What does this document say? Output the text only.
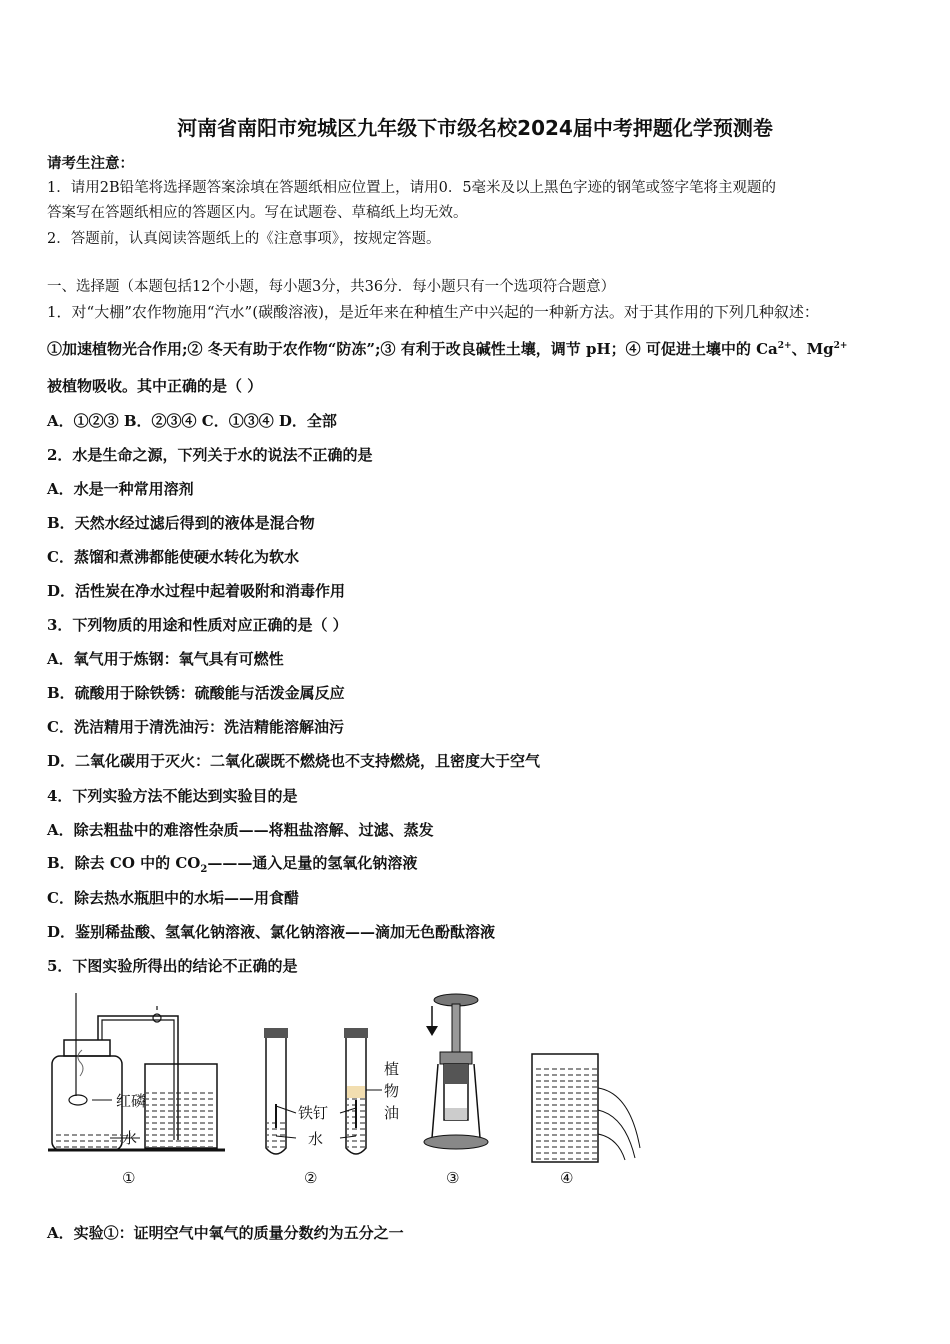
河南省南阳市宛城区九年级下市级名校2024届中考押题化学预测卷
请考生注意：
1．请用2B铅笔将选择题答案涂填在答题纸相应位置上，请用0．5毫米及以上黑色字迹的钢笔或签字笔将主观题的
答案写在答题纸相应的答题区内。写在试题卷、草稿纸上均无效。
2．答题前，认真阅读答题纸上的《注意事项》，按规定答题。
一、选择题（本题包括12个小题，每小题3分，共36分．每小题只有一个选项符合题意）
1．对“大棚”农作物施用“汽水”(碳酸溶液)，是近年来在种植生产中兴起的一种新方法。对于其作用的下列几种叙述：
①加速植物光合作用;② 冬天有助于农作物“防冻”;③ 有利于改良碱性土壤，调节 pH；④ 可促进土壤中的 $Ca^{2+}$、$Mg^{2+}$
被植物吸收。其中正确的是（ ）
A．①②③ B．②③④ C．①③④ D．全部
2．水是生命之源，下列关于水的说法不正确的是
A．水是一种常用溶剂
B．天然水经过滤后得到的液体是混合物
C．蒸馏和煮沸都能使硬水转化为软水
D．活性炭在净水过程中起着吸附和消毒作用
3．下列物质的用途和性质对应正确的是（ ）
A．氧气用于炼钢：氧气具有可燃性
B．硫酸用于除铁锈：硫酸能与活泼金属反应
C．洗洁精用于清洗油污：洗洁精能溶解油污
D．二氧化碳用于灭火：二氧化碳既不燃烧也不支持燃烧，且密度大于空气
4．下列实验方法不能达到实验目的是
A．除去粗盐中的难溶性杂质——将粗盐溶解、过滤、蒸发
B．除去 CO 中的 $CO_2———$通入足量的氢氧化钠溶液
C．除去热水瓶胆中的水垢——用食醋
D．鉴别稀盐酸、氢氧化钠溶液、氯化钠溶液——滴加无色酚酞溶液
5．下图实验所得出的结论不正确的是
红磷
水
①
铁钉
水
植
物
油
②	③	④
A．实验①：证明空气中氧气的质量分数约为五分之一
